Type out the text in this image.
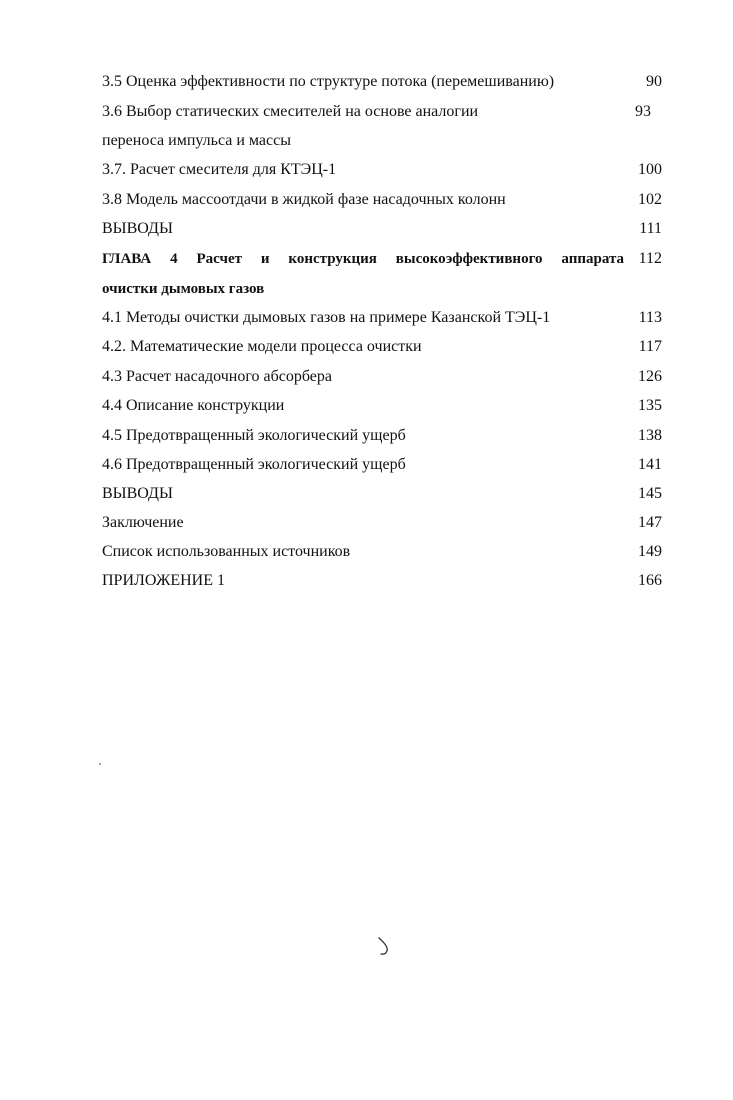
3.5 Оценка эффективности по структуре потока (перемешиванию)	90
3.6 Выбор статических смесителей на основе аналогии	93
переноса импульса и массы
3.7. Расчет смесителя для КТЭЦ-1	100
3.8 Модель массоотдачи в жидкой фазе насадочных колонн	102
ВЫВОДЫ	111
ГЛАВА 4 Расчет и конструкция высокоэффективного аппарата 112
очистки дымовых газов
4.1 Методы очистки дымовых газов на примере Казанской ТЭЦ-1	113
4.2. Математические модели процесса очистки	117
4.3 Расчет насадочного абсорбера	126
4.4 Описание конструкции	135
4.5 Предотвращенный экологический ущерб	138
4.6 Предотвращенный экологический ущерб	141
ВЫВОДЫ	145
Заключение	147
Список использованных источников	149
ПРИЛОЖЕНИЕ 1	166
